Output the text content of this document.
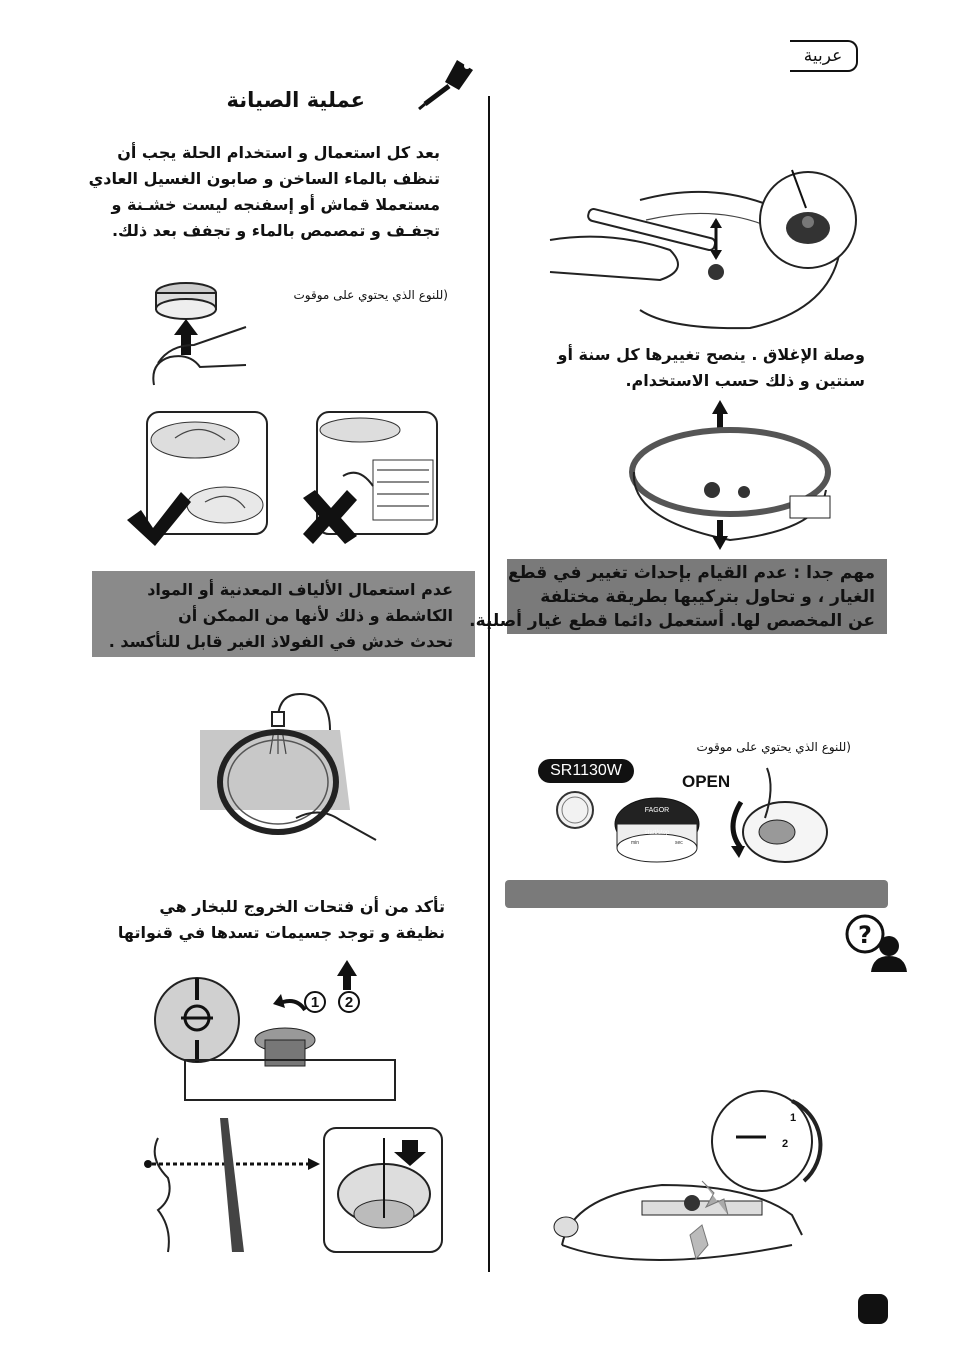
عربية
عملية الصيانة
بعد كل استعمال و استخدام الحلة يجب أن
تنظف بالماء الساخن و صابون الغسيل العادي
مستعملا قماش أو إسفنجه ليست خشـنة و
تجفـف و تمصمص بالماء و تجفف بعد ذلك.
(للنوع الذي يحتوي على موقوت
عدم استعمال الألياف المعدنية أو المواد
الكاشطة و ذلك لأنها من الممكن أن
تحدث خدش في الفولاذ الغير قابل للتأكسد .
تأكد من أن فتحات الخروج للبخار هي
نظيفة و توجد جسيمات تسدها في قنواتها
1 2
وصلة الإغلاق . ينصح تغييرها كل سنة أو
سنتين و ذلك حسب الاستخدام.
مهم جدا : عدم القيام بإحداث تغيير في قطع
الغيار ، و تحاول بتركيبها بطريقة مختلفة
عن المخصص لها. أستعمل دائما قطع غيار أصلية.
(للنوع الذي يحتوي على موقوت
SR1130W
OPEN
FAGOR
start/stop
min	sec
?
1
2
